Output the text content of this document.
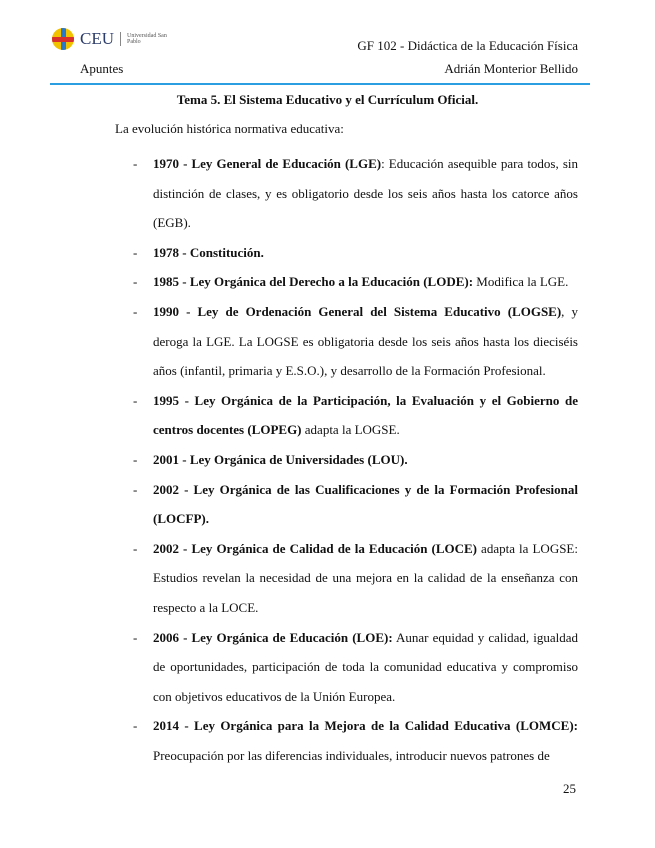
CEU Universidad San Pablo	GF 102 - Didáctica de la Educación Física
Apuntes	Adrián Monterior Bellido
Tema 5. El Sistema Educativo y el Currículum Oficial.
La evolución histórica normativa educativa:
-	1970 - Ley General de Educación (LGE): Educación asequible para todos, sin distinción de clases, y es obligatorio desde los seis años hasta los catorce años (EGB).
-	1978 - Constitución.
-	1985 - Ley Orgánica del Derecho a la Educación (LODE): Modifica la LGE.
-	1990 - Ley de Ordenación General del Sistema Educativo (LOGSE), y deroga la LGE. La LOGSE es obligatoria desde los seis años hasta los dieciséis años (infantil, primaria y E.S.O.), y desarrollo de la Formación Profesional.
-	1995 - Ley Orgánica de la Participación, la Evaluación y el Gobierno de centros docentes (LOPEG) adapta la LOGSE.
-	2001 - Ley Orgánica de Universidades (LOU).
-	2002 - Ley Orgánica de las Cualificaciones y de la Formación Profesional (LOCFP).
-	2002 - Ley Orgánica de Calidad de la Educación (LOCE) adapta la LOGSE: Estudios revelan la necesidad de una mejora en la calidad de la enseñanza con respecto a la LOCE.
-	2006 - Ley Orgánica de Educación (LOE): Aunar equidad y calidad, igualdad de oportunidades, participación de toda la comunidad educativa y compromiso con objetivos educativos de la Unión Europea.
-	2014 - Ley Orgánica para la Mejora de la Calidad Educativa (LOMCE): Preocupación por las diferencias individuales, introducir nuevos patrones de
25
